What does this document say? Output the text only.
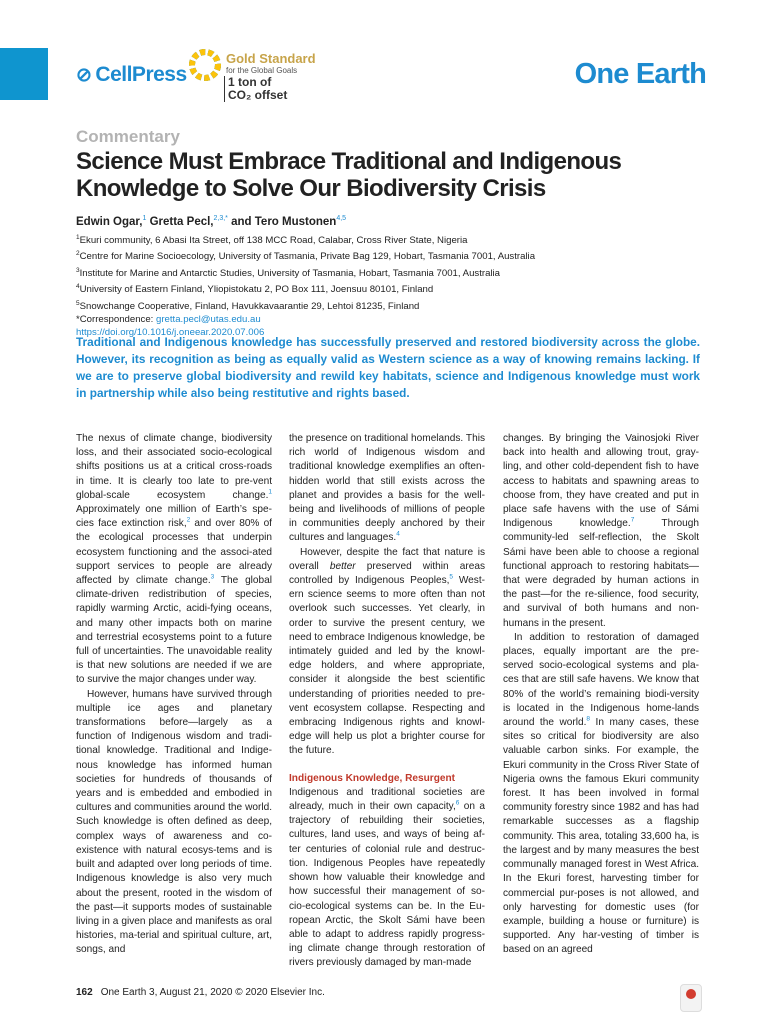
⊘ CellPress
Gold Standard
for the Global Goals
1 ton of
CO₂ offset
One Earth
Commentary
Science Must Embrace Traditional and Indigenous Knowledge to Solve Our Biodiversity Crisis
Edwin Ogar,$^1$ Gretta Pecl,$^{2,3,*}$ and Tero Mustonen$^{4,5}$
$^1$Ekuri community, 6 Abasi Ita Street, off 138 MCC Road, Calabar, Cross River State, Nigeria
$^2$Centre for Marine Socioecology, University of Tasmania, Private Bag 129, Hobart, Tasmania 7001, Australia
$^3$Institute for Marine and Antarctic Studies, University of Tasmania, Hobart, Tasmania 7001, Australia
$^4$University of Eastern Finland, Yliopistokatu 2, PO Box 111, Joensuu 80101, Finland
$^5$Snowchange Cooperative, Finland, Havukkavaarantie 29, Lehtoi 81235, Finland
*Correspondence: gretta.pecl@utas.edu.au
https://doi.org/10.1016/j.oneear.2020.07.006
Traditional and Indigenous knowledge has successfully preserved and restored biodiversity across the globe. However, its recognition as being as equally valid as Western science as a way of knowing remains lacking. If we are to preserve global biodiversity and rewild key habitats, science and Indigenous knowledge must work in partnership while also being restitutive and rights based.

The nexus of climate change, biodiversity loss, and their associated socio-ecological shifts positions us at a critical cross-roads in time. It is clearly too late to pre-vent global-scale ecosystem change.$^1$ Approximately one million of Earth’s spe-cies face extinction risk,$^2$ and over 80% of the ecological processes that underpin ecosystem functioning and the associ-ated support services to people are already affected by climate change.$^3$ The global climate-driven redistribution of species, rapidly warming Arctic, acidi-fying oceans, and many other impacts both on marine and terrestrial ecosystems point to a future full of uncertainties. The unavoidable reality is that new solutions are needed if we are to survive the major changes under way.

However, humans have survived through multiple ice ages and planetary transformations before—largely as a function of Indigenous wisdom and tradi-tional knowledge. Traditional and Indige-nous knowledge has informed human societies for hundreds of thousands of years and is embedded and embodied in cultures and communities around the world. Such knowledge is often defined as deep, complex ways of awareness and co-existence with natural ecosys-tems and is built and adapted over long periods of time. Indigenous knowledge is also very much about the present, rooted in the wisdom of the past—it supports modes of sustainable living in a given place and manifests as oral histories, ma-terial and spiritual culture, art, songs, and

the presence on traditional homelands. This rich world of Indigenous wisdom and traditional knowledge exemplifies an often-hidden world that still exists across the planet and provides a basis for the well-being and livelihoods of millions of people in communities deeply anchored by their cultures and languages.$^4$

However, despite the fact that nature is overall better preserved within areas controlled by Indigenous Peoples,$^5$ West-ern science seems to more often than not overlook such successes. Yet clearly, in order to survive the present century, we need to embrace Indigenous knowledge, be intimately guided and led by the knowl-edge holders, and where appropriate, consider it alongside the best scientific understanding of priorities needed to pre-vent ecosystem collapse. Respecting and embracing Indigenous rights and knowl-edge will help us plot a brighter course for the future.

Indigenous Knowledge, Resurgent

Indigenous and traditional societies are already, much in their own capacity,$^6$ on a trajectory of rebuilding their societies, cultures, land uses, and ways of being af-ter centuries of colonial rule and destruc-tion. Indigenous Peoples have repeatedly shown how valuable their knowledge and how successful their management of so-cio-ecological systems can be. In the Eu-ropean Arctic, the Skolt Sámi have been able to adapt to address rapidly progress-ing climate change through restoration of rivers previously damaged by man-made

changes. By bringing the Vainosjoki River back into health and allowing trout, gray-ling, and other cold-dependent fish to have access to habitats and spawning areas to choose from, they have created and put in place safe havens with the use of Sámi Indigenous knowledge.$^7$ Through community-led self-reflection, the Skolt Sámi have been able to choose a regional functional approach to restoring habitats—that were degraded by human actions in the past—for the re-silience, food security, and survival of both humans and non-humans in the present.

In addition to restoration of damaged places, equally important are the pre-served socio-ecological systems and pla-ces that are still safe havens. We know that 80% of the world’s remaining biodi-versity is located in the Indigenous home-lands around the world.$^8$ In many cases, these sites so critical for biodiversity are also valuable carbon sinks. For example, the Ekuri community in the Cross River State of Nigeria owns the famous Ekuri community forest. It has been involved in formal community forestry since 1982 and has had remarkable successes as a flagship community. This area, totaling 33,600 ha, is the largest and by many measures the best communally managed forest in West Africa. In the Ekuri forest, harvesting timber for commercial pur-poses is not allowed, and only harvesting for domestic uses (for example, building a house or furniture) is supported. Any har-vesting of timber is based on an agreed

162 One Earth 3, August 21, 2020 © 2020 Elsevier Inc.
